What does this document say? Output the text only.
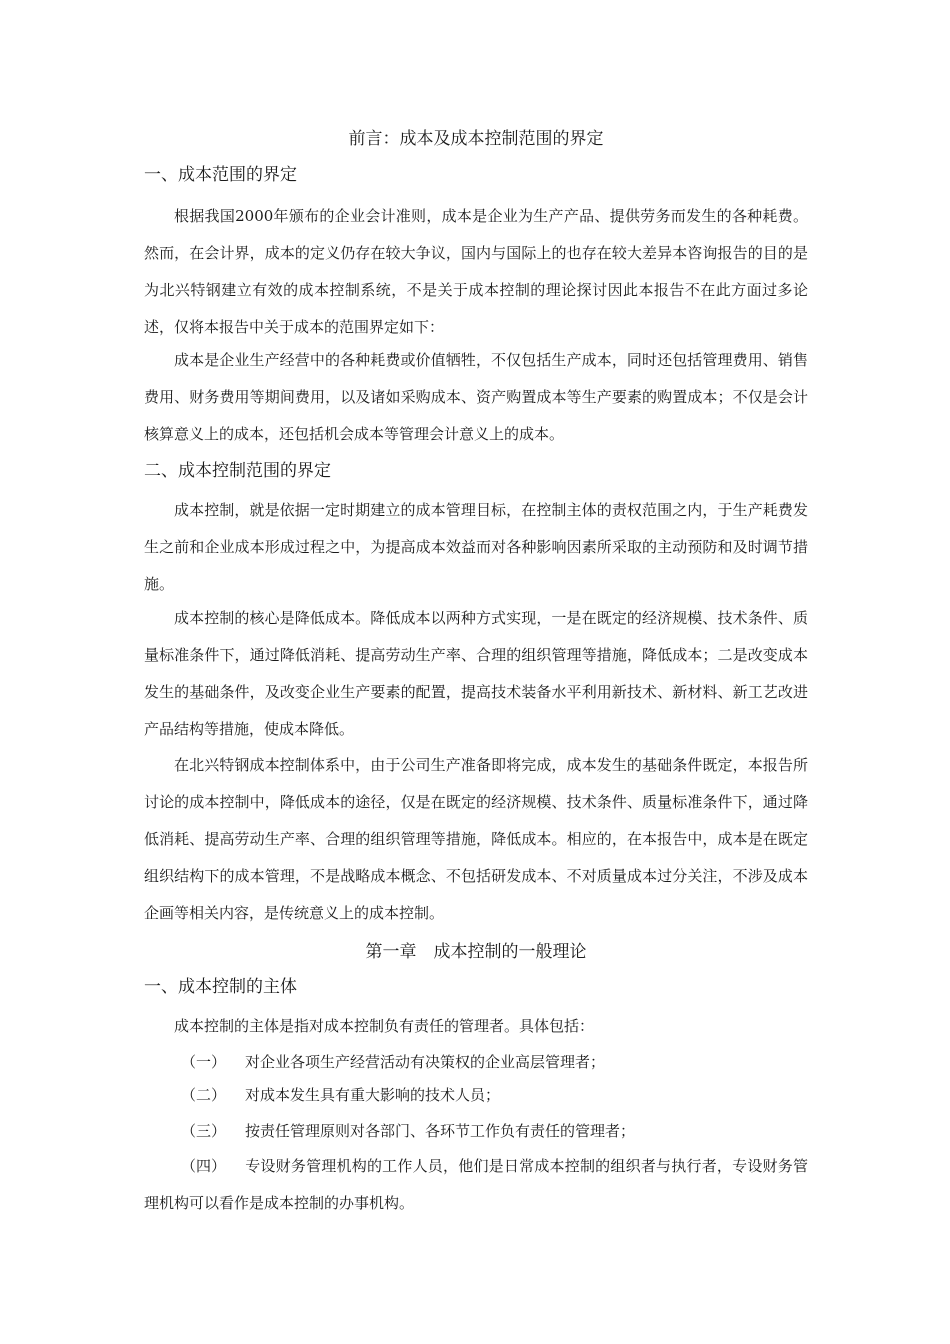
前言：成本及成本控制范围的界定
一、成本范围的界定
根据我国2000年颁布的企业会计准则，成本是企业为生产产品、提供劳务而发生的各种耗费。然而，在会计界，成本的定义仍存在较大争议，国内与国际上的也存在较大差异本咨询报告的目的是为北兴特钢建立有效的成本控制系统，不是关于成本控制的理论探讨因此本报告不在此方面过多论述，仅将本报告中关于成本的范围界定如下：
成本是企业生产经营中的各种耗费或价值牺牲，不仅包括生产成本，同时还包括管理费用、销售费用、财务费用等期间费用，以及诸如采购成本、资产购置成本等生产要素的购置成本；不仅是会计核算意义上的成本，还包括机会成本等管理会计意义上的成本。
二、成本控制范围的界定
成本控制，就是依据一定时期建立的成本管理目标，在控制主体的责权范围之内，于生产耗费发生之前和企业成本形成过程之中，为提高成本效益而对各种影响因素所采取的主动预防和及时调节措施。
成本控制的核心是降低成本。降低成本以两种方式实现，一是在既定的经济规模、技术条件、质量标准条件下，通过降低消耗、提高劳动生产率、合理的组织管理等措施，降低成本；二是改变成本发生的基础条件，及改变企业生产要素的配置，提高技术装备水平利用新技术、新材料、新工艺改进产品结构等措施，使成本降低。
在北兴特钢成本控制体系中，由于公司生产准备即将完成，成本发生的基础条件既定，本报告所讨论的成本控制中，降低成本的途径，仅是在既定的经济规模、技术条件、质量标准条件下，通过降低消耗、提高劳动生产率、合理的组织管理等措施，降低成本。相应的，在本报告中，成本是在既定组织结构下的成本管理，不是战略成本概念、不包括研发成本、不对质量成本过分关注，不涉及成本企画等相关内容，是传统意义上的成本控制。
第一章　成本控制的一般理论
一、成本控制的主体
成本控制的主体是指对成本控制负有责任的管理者。具体包括：
（一） 对企业各项生产经营活动有决策权的企业高层管理者；
（二） 对成本发生具有重大影响的技术人员；
（三） 按责任管理原则对各部门、各环节工作负有责任的管理者；
（四） 专设财务管理机构的工作人员，他们是日常成本控制的组织者与执行者，专设财务管理机构可以看作是成本控制的办事机构。
